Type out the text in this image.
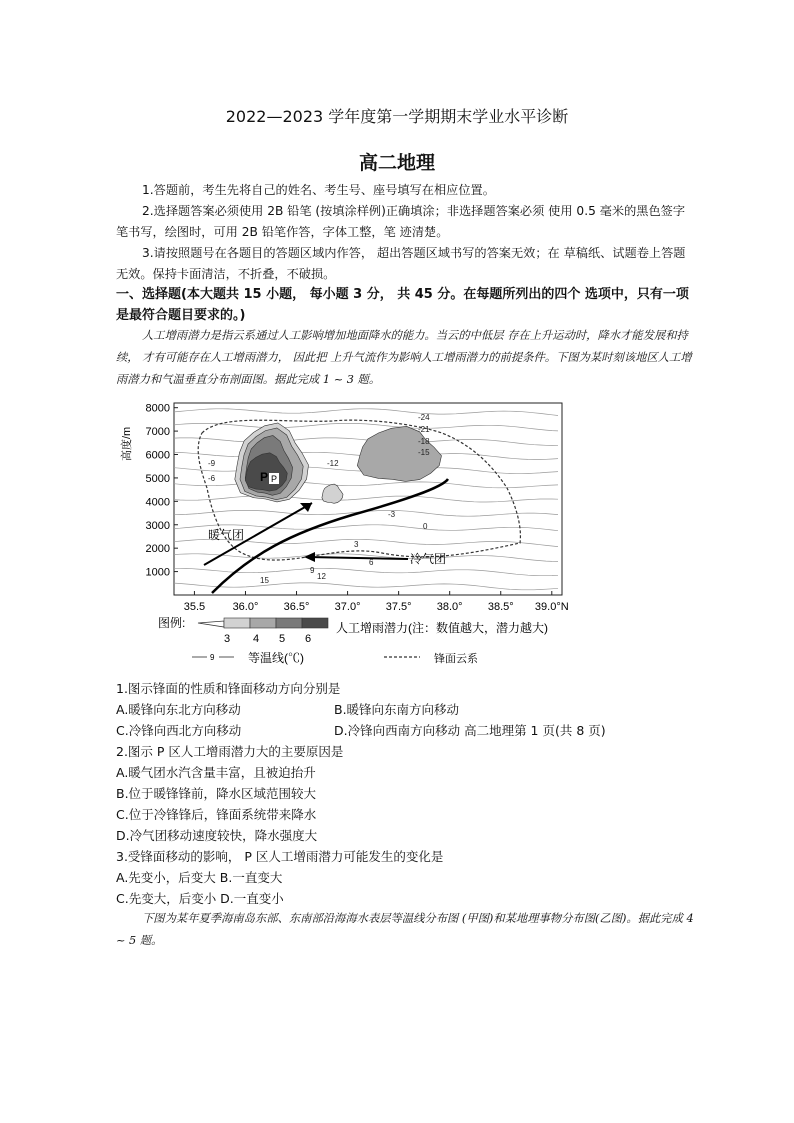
2022—2023 学年度第一学期期末学业水平诊断
高二地理
1.答题前，考生先将自己的姓名、考生号、座号填写在相应位置。
2.选择题答案必须使用 2B 铅笔 (按填涂样例)正确填涂；非选择题答案必须 使用 0.5 毫米的黑色签字笔书写，绘图时，可用 2B 铅笔作答，字体工整，笔 迹清楚。
3.请按照题号在各题目的答题区域内作答， 超出答题区域书写的答案无效；在 草稿纸、试题卷上答题无效。保持卡面清洁，不折叠，不破损。
一、选择题(本大题共 15 小题， 每小题 3 分， 共 45 分。在每题所列出的四个 选项中，只有一项是最符合题目要求的。)
人工增雨潜力是指云系通过人工影响增加地面降水的能力。当云的中低层 存在上升运动时，降水才能发展和持续， 才有可能存在人工增雨潜力， 因此把 上升气流作为影响人工增雨潜力的前提条件。下图为某时刻该地区人工增雨潜力和气温垂直分布剖面图。据此完成 1 ~ 3 题。
8000
7000
6000
5000
4000
3000
2000
1000
35.5 36.0° 36.5° 37.0° 37.5° 38.0° 38.5° 39.0°N
-24
-21
-18
-15
-12
-9
-6
-3
0
3
6
9
12
15
高度/m
P P
暖气团
冷气团
图例:
3 4 5 6
人工增雨潜力(注：数值越大，潜力越大)
9	等温线(℃)	锋面云系
1.图示锋面的性质和锋面移动方向分别是
A.暖锋向东北方向移动	B.暖锋向东南方向移动
C.冷锋向西北方向移动	D.冷锋向西南方向移动 高二地理第 1 页(共 8 页)
2.图示 P 区人工增雨潜力大的主要原因是
A.暖气团水汽含量丰富，且被迫抬升
B.位于暖锋锋前，降水区域范围较大
C.位于冷锋锋后，锋面系统带来降水
D.冷气团移动速度较快，降水强度大
3.受锋面移动的影响， P 区人工增雨潜力可能发生的变化是
A.先变小，后变大 B.一直变大
C.先变大，后变小 D.一直变小
下图为某年夏季海南岛东部、东南部沿海海水表层等温线分布图 (甲图)和某地理事物分布图(乙图)。据此完成 4 ~ 5 题。
